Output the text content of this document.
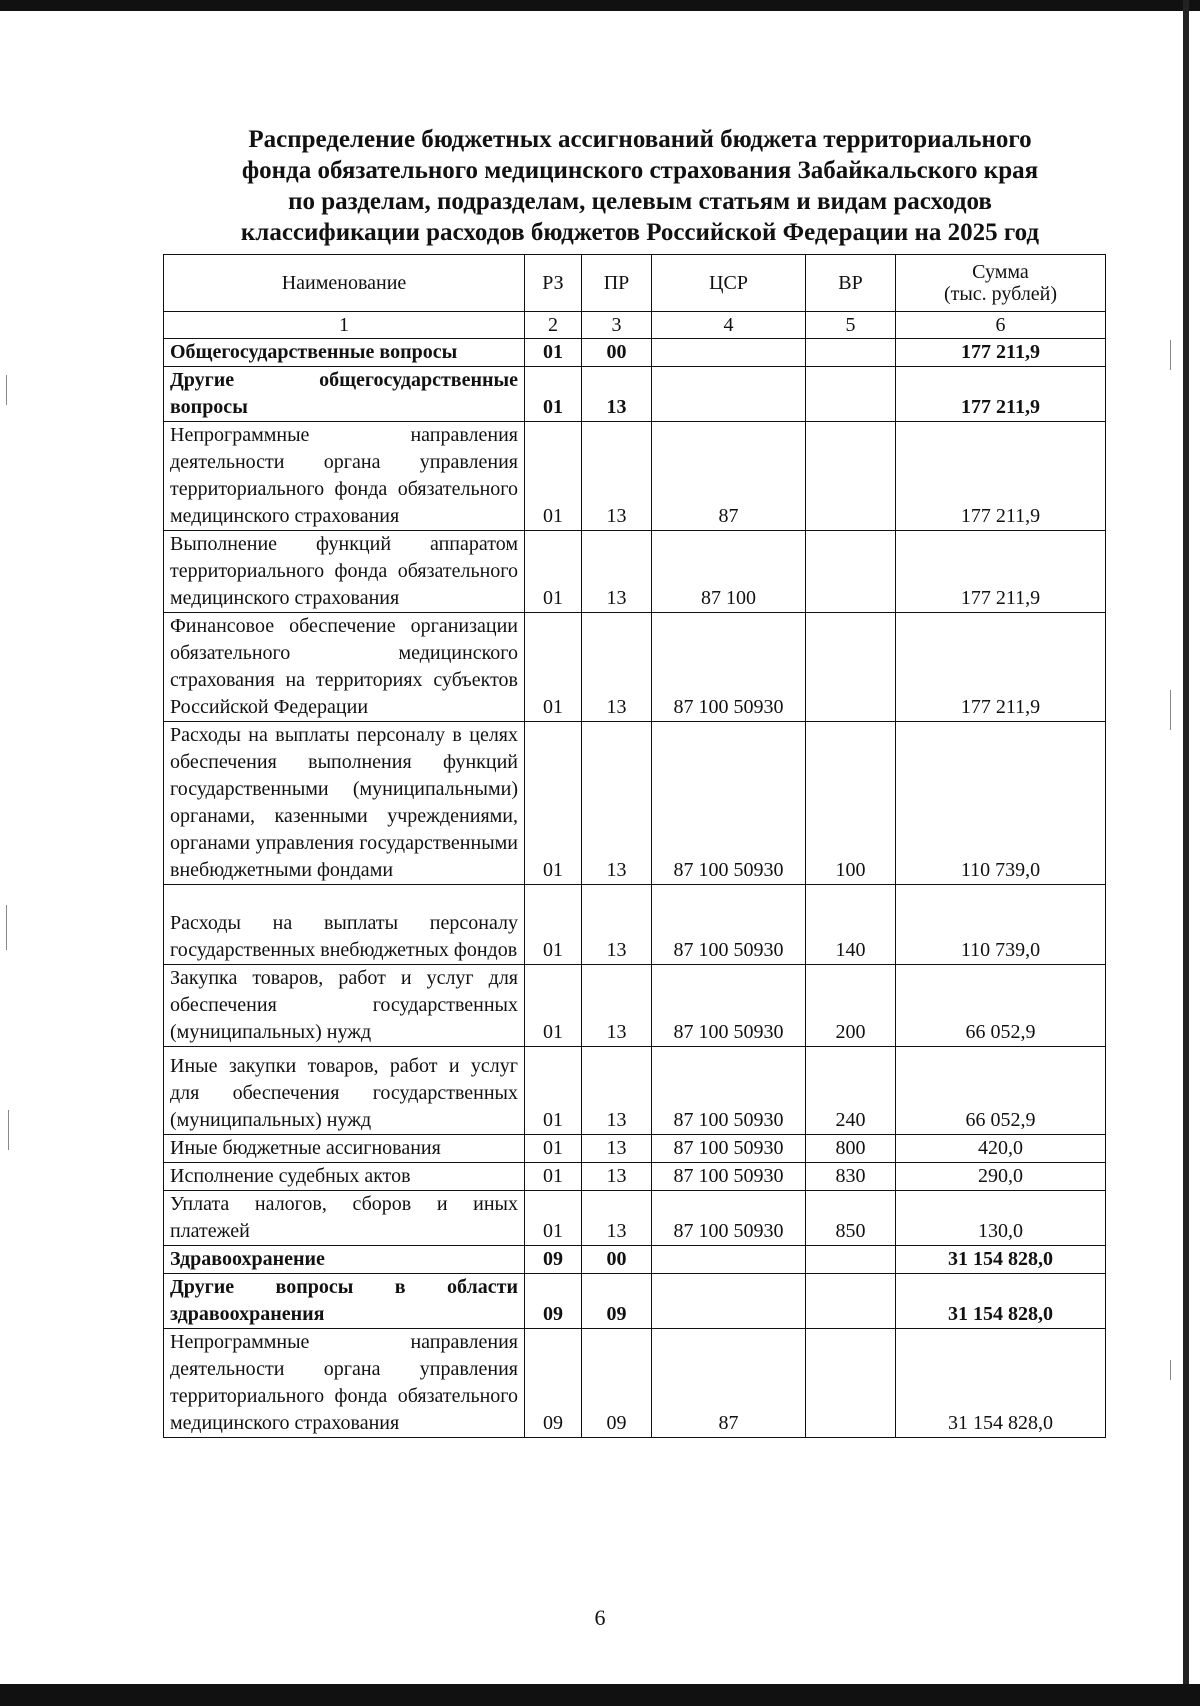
Распределение бюджетных ассигнований бюджета территориального
фонда обязательного медицинского страхования Забайкальского края
по разделам, подразделам, целевым статьям и видам расходов
классификации расходов бюджетов Российской Федерации на 2025 год
Наименование	РЗ	ПР	ЦСР	ВР	Сумма
(тыс. рублей)

1	2	3	4	5	6
Общегосударственные вопросы	01	00			177 211,9
Другие общегосударственные вопросы	01	13			177 211,9
Непрограммные направления деятельности органа управления территориального фонда обязательного медицинского страхования	01	13	87		177 211,9
Выполнение функций аппаратом территориального фонда обязательного медицинского страхования	01	13	87 100		177 211,9
Финансовое обеспечение организации обязательного медицинского страхования на территориях субъектов Российской Федерации	01	13	87 100 50930		177 211,9
Расходы на выплаты персоналу в целях обеспечения выполнения функций государственными (муниципальными) органами, казенными учреждениями, органами управления государственными внебюджетными фондами	01	13	87 100 50930	100	110 739,0
Расходы на выплаты персоналу государственных внебюджетных фондов	01	13	87 100 50930	140	110 739,0
Закупка товаров, работ и услуг для обеспечения государственных (муниципальных) нужд	01	13	87 100 50930	200	66 052,9
Иные закупки товаров, работ и услуг для обеспечения государственных (муниципальных) нужд	01	13	87 100 50930	240	66 052,9
Иные бюджетные ассигнования	01	13	87 100 50930	800	420,0
Исполнение судебных актов	01	13	87 100 50930	830	290,0
Уплата налогов, сборов и иных платежей	01	13	87 100 50930	850	130,0
Здравоохранение	09	00			31 154 828,0
Другие вопросы в области здравоохранения	09	09			31 154 828,0
Непрограммные направления деятельности органа управления территориального фонда обязательного медицинского страхования	09	09	87		31 154 828,0
6
